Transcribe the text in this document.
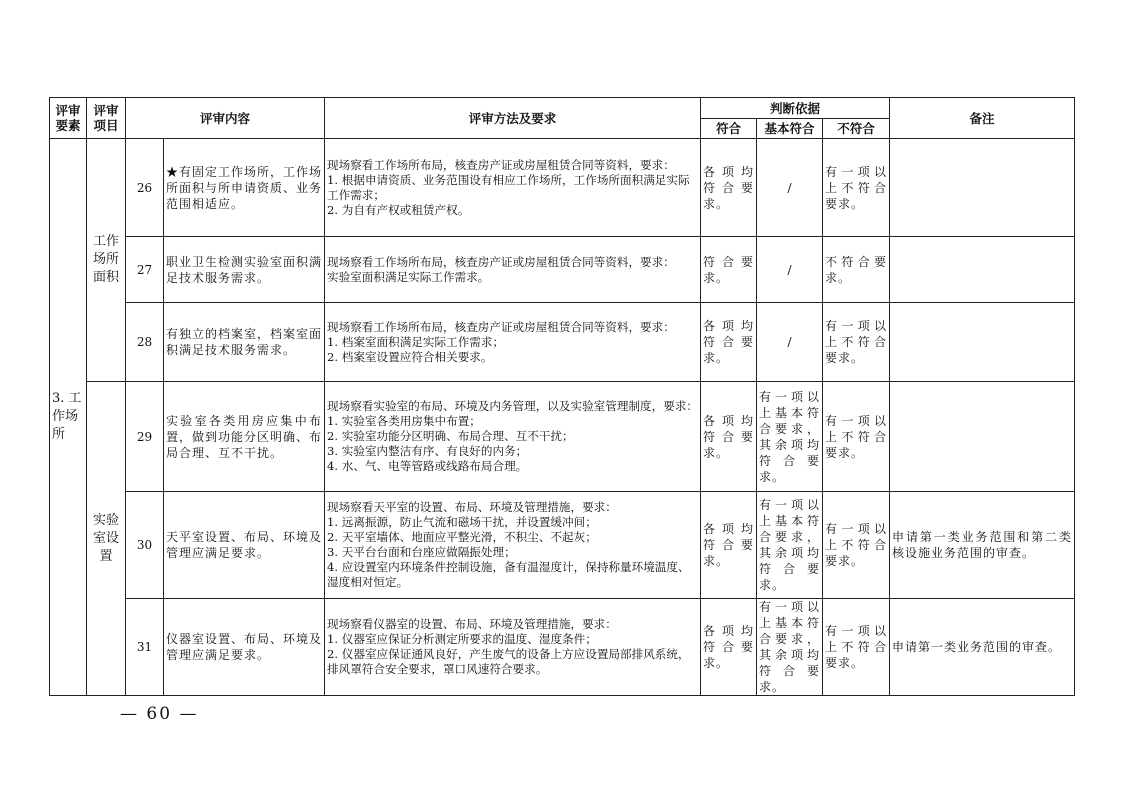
评审要素	评审项目	评审内容		评审方法及要求	判断依据			备注
					符合	基本符合	不符合	
3. 工作场所	工作场所面积	26	★有固定工作场所，工作场所面积与所申请资质、业务范围相适应。	现场察看工作场所布局，核查房产证或房屋租赁合同等资料，要求：
1. 根据申请资质、业务范围设有相应工作场所，工作场所面积满足实际工作需求；
2. 为自有产权或租赁产权。	各项均符合要求。	/	有一项以上不符合要求。	
		27	职业卫生检测实验室面积满足技术服务需求。	现场察看工作场所布局，核查房产证或房屋租赁合同等资料，要求：
实验室面积满足实际工作需求。	符合要求。	/	不符合要求。	
		28	有独立的档案室，档案室面积满足技术服务需求。	现场察看工作场所布局，核查房产证或房屋租赁合同等资料，要求：
1. 档案室面积满足实际工作需求；
2. 档案室设置应符合相关要求。	各项均符合要求。	/	有一项以上不符合要求。	
	实验室设置	29	实验室各类用房应集中布置，做到功能分区明确、布局合理、互不干扰。	现场察看实验室的布局、环境及内务管理，以及实验室管理制度，要求：
1. 实验室各类用房集中布置；
2. 实验室功能分区明确、布局合理、互不干扰；
3. 实验室内整洁有序、有良好的内务；
4. 水、气、电等管路或线路布局合理。	各项均符合要求。	有一项以上基本符合要求，其余项均符合要求。	有一项以上不符合要求。	
		30	天平室设置、布局、环境及管理应满足要求。	现场察看天平室的设置、布局、环境及管理措施，要求：
1. 远离振源，防止气流和磁场干扰，并设置缓冲间；
2. 天平室墙体、地面应平整光滑，不积尘、不起灰；
3. 天平台台面和台座应做隔振处理；
4. 应设置室内环境条件控制设施，备有温湿度计，保持称量环境温度、湿度相对恒定。	各项均符合要求。	有一项以上基本符合要求，其余项均符合要求。	有一项以上不符合要求。	申请第一类业务范围和第二类核设施业务范围的审查。
		31	仪器室设置、布局、环境及管理应满足要求。	现场察看仪器室的设置、布局、环境及管理措施，要求：
1. 仪器室应保证分析测定所要求的温度、湿度条件；
2. 仪器室应保证通风良好，产生废气的设备上方应设置局部排风系统，排风罩符合安全要求，罩口风速符合要求。	各项均符合要求。	有一项以上基本符合要求，其余项均符合要求。	有一项以上不符合要求。	申请第一类业务范围的审查。
— 60 —
